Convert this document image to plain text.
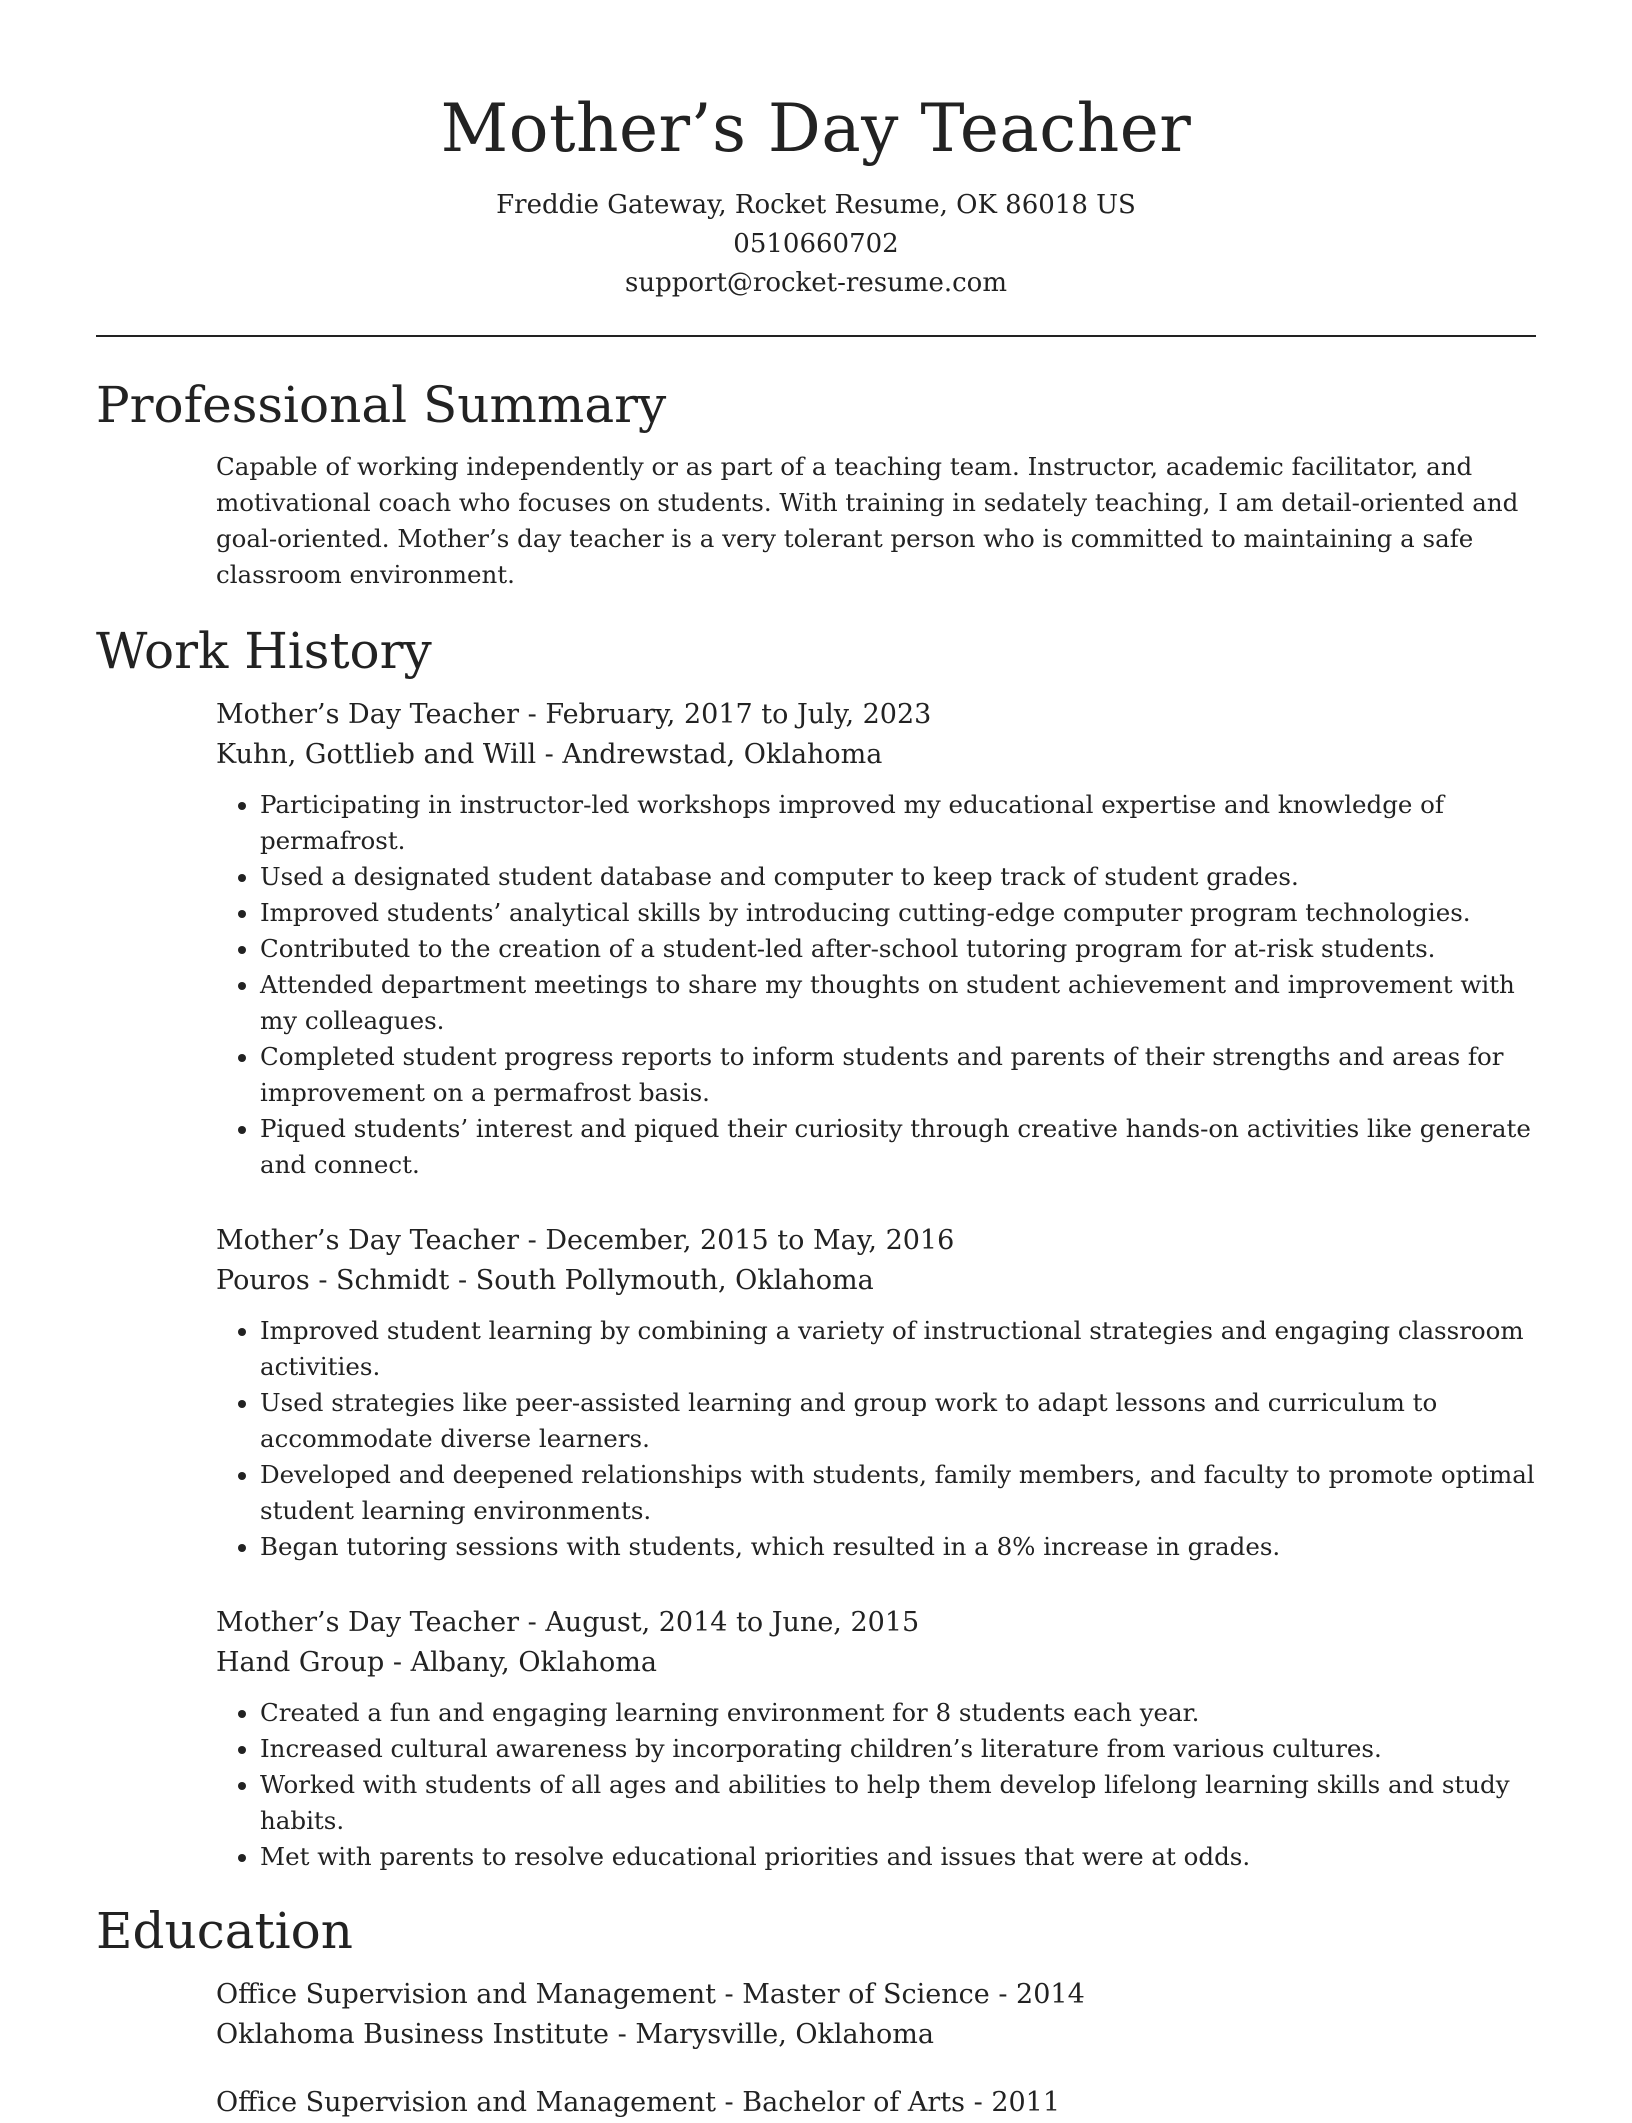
Mother’s Day Teacher
Freddie Gateway, Rocket Resume, OK 86018 US
0510660702
support@rocket-resume.com
Professional Summary
Capable of working independently or as part of a teaching team. Instructor, academic facilitator, and motivational coach who focuses on students. With training in sedately teaching, I am detail-oriented and goal-oriented. Mother’s day teacher is a very tolerant person who is committed to maintaining a safe classroom environment.
Work History
Mother’s Day Teacher - February, 2017 to July, 2023
Kuhn, Gottlieb and Will - Andrewstad, Oklahoma
• Participating in instructor-led workshops improved my educational expertise and knowledge of permafrost.
• Used a designated student database and computer to keep track of student grades.
• Improved students’ analytical skills by introducing cutting-edge computer program technologies.
• Contributed to the creation of a student-led after-school tutoring program for at-risk students.
• Attended department meetings to share my thoughts on student achievement and improvement with my colleagues.
• Completed student progress reports to inform students and parents of their strengths and areas for improvement on a permafrost basis.
• Piqued students’ interest and piqued their curiosity through creative hands-on activities like generate and connect.
Mother’s Day Teacher - December, 2015 to May, 2016
Pouros - Schmidt - South Pollymouth, Oklahoma
• Improved student learning by combining a variety of instructional strategies and engaging classroom activities.
• Used strategies like peer-assisted learning and group work to adapt lessons and curriculum to accommodate diverse learners.
• Developed and deepened relationships with students, family members, and faculty to promote optimal student learning environments.
• Began tutoring sessions with students, which resulted in a 8% increase in grades.
Mother’s Day Teacher - August, 2014 to June, 2015
Hand Group - Albany, Oklahoma
• Created a fun and engaging learning environment for 8 students each year.
• Increased cultural awareness by incorporating children’s literature from various cultures.
• Worked with students of all ages and abilities to help them develop lifelong learning skills and study habits.
• Met with parents to resolve educational priorities and issues that were at odds.
Education
Office Supervision and Management - Master of Science - 2014
Oklahoma Business Institute - Marysville, Oklahoma
Office Supervision and Management - Bachelor of Arts - 2011
